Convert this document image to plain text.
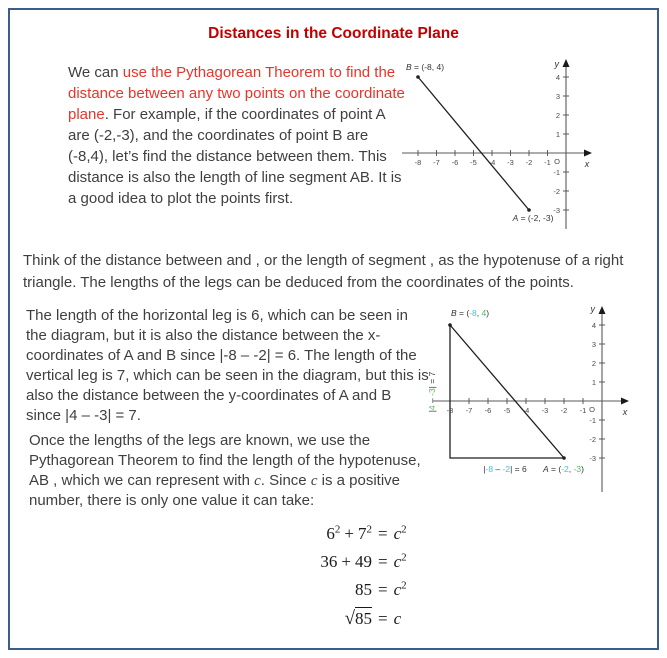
Distances in the Coordinate Plane
We can use the Pythagorean Theorem to find the distance between any two points on the coordinate plane. For example, if the coordinates of point A are (-2,-3), and the coordinates of point B are (-8,4), let’s find the distance between them. This distance is also the length of line segment AB. It is a good idea to plot the points first.
-8 -7 -6 -5 -4 -3 -2 -1
4
3
2
1
-1
-2
-3
O
y
x
B = (-8, 4)
A = (-2, -3)

Think of the distance between and , or the length of segment , as the hypotenuse of a right triangle. The lengths of the legs can be deduced from the coordinates of the points.

The length of the horizontal leg is 6, which can be seen in the diagram, but it is also the distance between the x-coordinates of A and B since |-8 – -2| = 6. The length of the vertical leg is 7, which can be seen in the diagram, but this is also the distance between the y-coordinates of A and B since |4 – -3| = 7.

Once the lengths of the legs are known, we use the Pythagorean Theorem to find the length of the hypotenuse, AB , which we can represent with c. Since c is a positive number, there is only one value it can take:
-8 -7 -6 -5 -4 -3 -2 -1
4
3
2
1
-1
-2
-3
O
y
x
B = (-8, 4)
A = (-2, -3)
|-8 – -2| = 6
|4 – -3| = 7
$6^2 + 7^2 = c^2$
$36 + 49 = c^2$
$85 = c^2$
√85 = c
